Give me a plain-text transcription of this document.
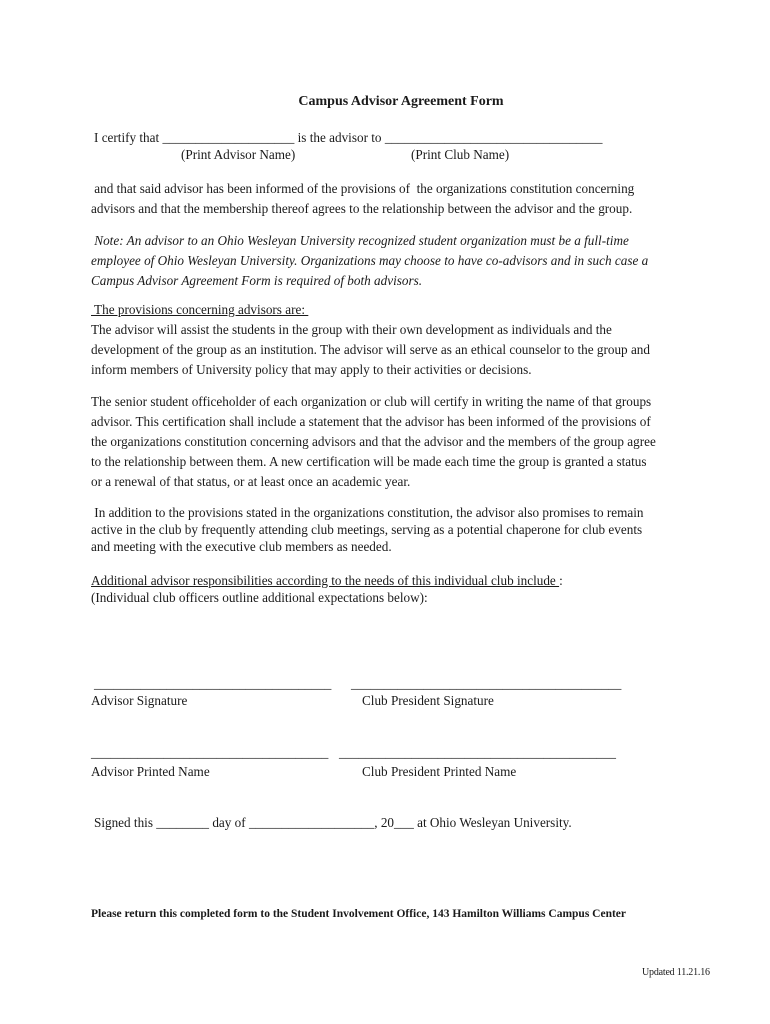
Campus Advisor Agreement Form
I certify that ____________________ is the advisor to _________________________________
(Print Advisor Name)	(Print Club Name)
and that said advisor has been informed of the provisions of  the organizations constitution concerning
advisors and that the membership thereof agrees to the relationship between the advisor and the group.
Note: An advisor to an Ohio Wesleyan University recognized student organization must be a full-time
employee of Ohio Wesleyan University. Organizations may choose to have co-advisors and in such case a
Campus Advisor Agreement Form is required of both advisors.
The provisions concerning advisors are:
The advisor will assist the students in the group with their own development as individuals and the
development of the group as an institution. The advisor will serve as an ethical counselor to the group and
inform members of University policy that may apply to their activities or decisions.
The senior student officeholder of each organization or club will certify in writing the name of that groups
advisor. This certification shall include a statement that the advisor has been informed of the provisions of
the organizations constitution concerning advisors and that the advisor and the members of the group agree
to the relationship between them. A new certification will be made each time the group is granted a status
or a renewal of that status, or at least once an academic year.
In addition to the provisions stated in the organizations constitution, the advisor also promises to remain
active in the club by frequently attending club meetings, serving as a potential chaperone for club events
and meeting with the executive club members as needed.
Additional advisor responsibilities according to the needs of this individual club include :
(Individual club officers outline additional expectations below):
____________________________________ _________________________________________
Advisor Signature	Club President Signature
____________________________________ __________________________________________
Advisor Printed Name	Club President Printed Name
Signed this ________ day of ___________________, 20___ at Ohio Wesleyan University.
Please return this completed form to the Student Involvement Office, 143 Hamilton Williams Campus Center
Updated 11.21.16
